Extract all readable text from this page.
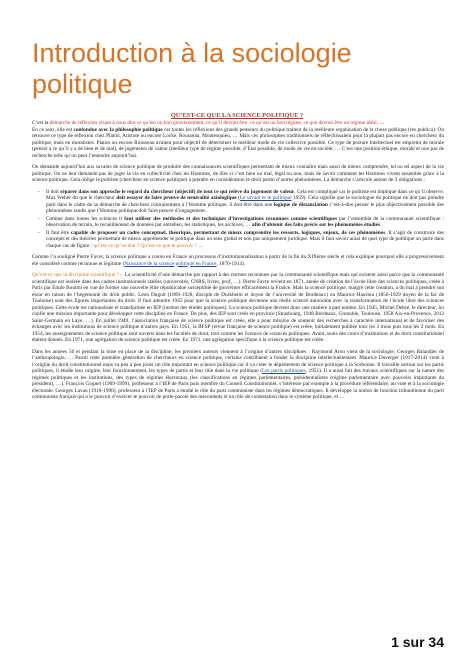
Introduction à la sociologie
politique
QU’EST-CE QUE LA SCIENCE POLITIQUE ?

C’est la démarche de réflexion visant à nous dire ce qu’est un bon gouvernement, ce qu’il devrait être, ce qu’est un bon régime, ce que devrait être un régime idéal, …
En ce sens, elle est confondue avec la philosophie politique car toutes les réflexions des grands penseurs du politique traitent de la meilleure organisation de la chose publique (res publica). On retrouve ce type de réflexion chez Platon, Aristote ou encore Locke, Rousseau, Montesquieu, … Mais ces philosophes traditionnels ne réfléchissaient pour la plupart pas encore en chercheur du politique, mais en moralistes. Platon ou encore Rousseau avaient pour objectif de déterminer le meilleur mode de vie collective possible. Ce type de posture intellectuel est empreint de morale (penser à ce qu’il y a de bien et de mal), de jugements de valeur (meilleur type de régime possible, d’État possible, de mode de vie en société, … C’est une position éthique, morale et non pas de recherche telle qu’on peut l’entendre aujourd’hui.

On demande aujourd’hui aux savants de science politique de produire des connaissances scientifiques permettant de mieux connaître mais aussi de mieux comprendre, tel ou tel aspect de la vie politique. On ne leur demande pas de juger la vie en collectivité chez les Hommes, de dire si c’est bien ou mal, légal ou non, mais de savoir comment les Hommes vivent ensemble grâce à la science politique. Cela oblige le politiste (chercheur en science politique) à prendre en considération le droit parmi d’autres phénomènes. La démarche s’articule autour de 3 obligations :

- Il doit séparer dans son approche le regard du chercheur (objectif) de tout ce qui relève du jugement de valeur. Cela est compliqué car le politiste est impliqué dans ce qu’il observe. Max Weber dit que le chercheur doit essayer de faire preuve de neutralité axiologique (Le savant et le politique 1959). Cela signifie que le sociologue du politique ne doit pas prendre parti dans le cadre de sa démarche de chercheur contrairement à l’Homme politique, il doit être dans une logique de distanciation c’est-à-dire penser le plus objectivement possible des phénomènes tandis que l’Homme politique doit faire preuve d’engagement.
- Comme dans toutes les sciences il faut utiliser des méthodes et des techniques d’investigations reconnues comme scientifiques par l’ensemble de la communauté scientifique : observation de terrain, le recueillement de données par entretien, les statistiques, les archives, … afin d’obtenir des faits précis sur les phénomènes étudiés.
- Il faut être capable de proposer un cadre conceptuel, théorique, permettant de mieux comprendre les ressorts, logiques, enjeux, de ces phénomènes. Il s’agit de construire des concepts et des théories permettant de mieux appréhender le politique dans un sens global et non pas uniquement juridique. Mais il faut savoir aussi de quel type de politique on parle dans chaque cas de figure : qu’est-ce qu’un état ? Qu’est-ce que le pouvoir ? …

Comme l’a souligné Pierre Favre, la science politique a connu en France un processus d’institutionnalisation à partir de la fin du XIXème siècle et cela explique pourquoi elle a progressivement été considéré comme reconnue et légitime (Naissance de la science politique en France, 1870-1914).

Qu’est-ce que la discipline scientifique ? – La scientificité d’une démarche par rapport à des normes reconnues par la communauté scientifique mais qui existent aussi parce que la communauté scientifique est insérée dans des cadres institutionnels stables (universités, CNRS, livres, prof, …). Pierre Favre revient en 1871, année de création de l’école libre des sciences politiques, créée à Paris par Émile Boutmi en vue de former une nouvelle élite républicaine susceptible de gouverner efficacement la France. Mais la science politique, malgré cette création, a du mal à prendre son essor en raison de l’hégémonie du droit public. Léon Duguit (1869-1928, disciple de Durkheim et doyen de l’université de Bordeaux) ou Maurice Hauriou (1856-1929 doyen de la fac de Toulouse) sont des figures importantes du droit. Il faut attendre 1945 pour que la science politique devienne une réelle science autonome avec la transformation de l’école libre des sciences politiques. Cette école est nationalisée et transformée en IEP (institut des études politiques). La science politique devient donc une matière à part entière. En 1945, Michel Debré, le directeur, lui confie une mission importante pour développer cette discipline en France. De plus, des IEP sont créés en province (Strasbourg, 1948 Bordeaux, Grenoble, Toulouse, 1958 Aix-en-Provence, 2012 Saint-Germain en Laye, …). En juillet 1949, l’association française de science politique est créée, elle a pour mission de soutenir des recherches à caractère international et de favoriser des échanges avec les institutions de science politique d’autres pays. En 1951, la RFSP (revue française de science politique) est créée, initialement publiée tous les 3 mois puis tous les 2 mois. En 1954, les enseignements de science politique sont ouverts dans les facultés de droit, tout comme les licences de sciences politiques. Avant, seuls des cours d’institutions et de droit constitutionnel étaient donnés. En 1971, une agrégation de science politique est créée. En 1971, une agrégation spécifique à la science politique est créée.

Dans les années 50 et pendant la mise en place de la discipline, les premiers auteurs viennent à l’origine d’autres disciplines : Raymond Aron vient de la sociologie, Georges Balandier de l’anthropologie, … Parmi cette première génération de chercheurs en science politique, certains contribuent à fonder la discipline intellectuellement. Maurice Duverger (1917-2014) vient à l’origine du droit constitutionnel mais va peu à peu jouer un rôle important en science politique car il va créer le département de science politique à la Sorbonne. Il travaille surtout sur les partis politiques, il étudie leur origine, leur fonctionnement, les types de partis et leur rôle dans la vie politique (Les partis politiques, 1951). Il a aussi fait des travaux scientifiques sur la nature des régimes politiques et les institutions, des types de régimes électoraux (les classifications en régimes parlementaires, présidentialistes (régime parlementaire avec pouvoirs importants du président), …). François Goguel (1909-1999), professeur à l’IEP de Paris puis membre du Conseil Constitutionnel, s’intéresse par exemple à la procédure référendaire, au vote et à la sociologie électorale. Georges Lavau (1918-1990), professeur à l’IEP de Paris a étudié le rôle du parti communiste dans les régimes démocratiques. Il développe la notion de fonction tribunitienne du parti communiste français qui a le pouvoir d’exercer le pouvoir de porte-parole des mécontents et un rôle de contestation dans le système politique, et …

1 sur 34
